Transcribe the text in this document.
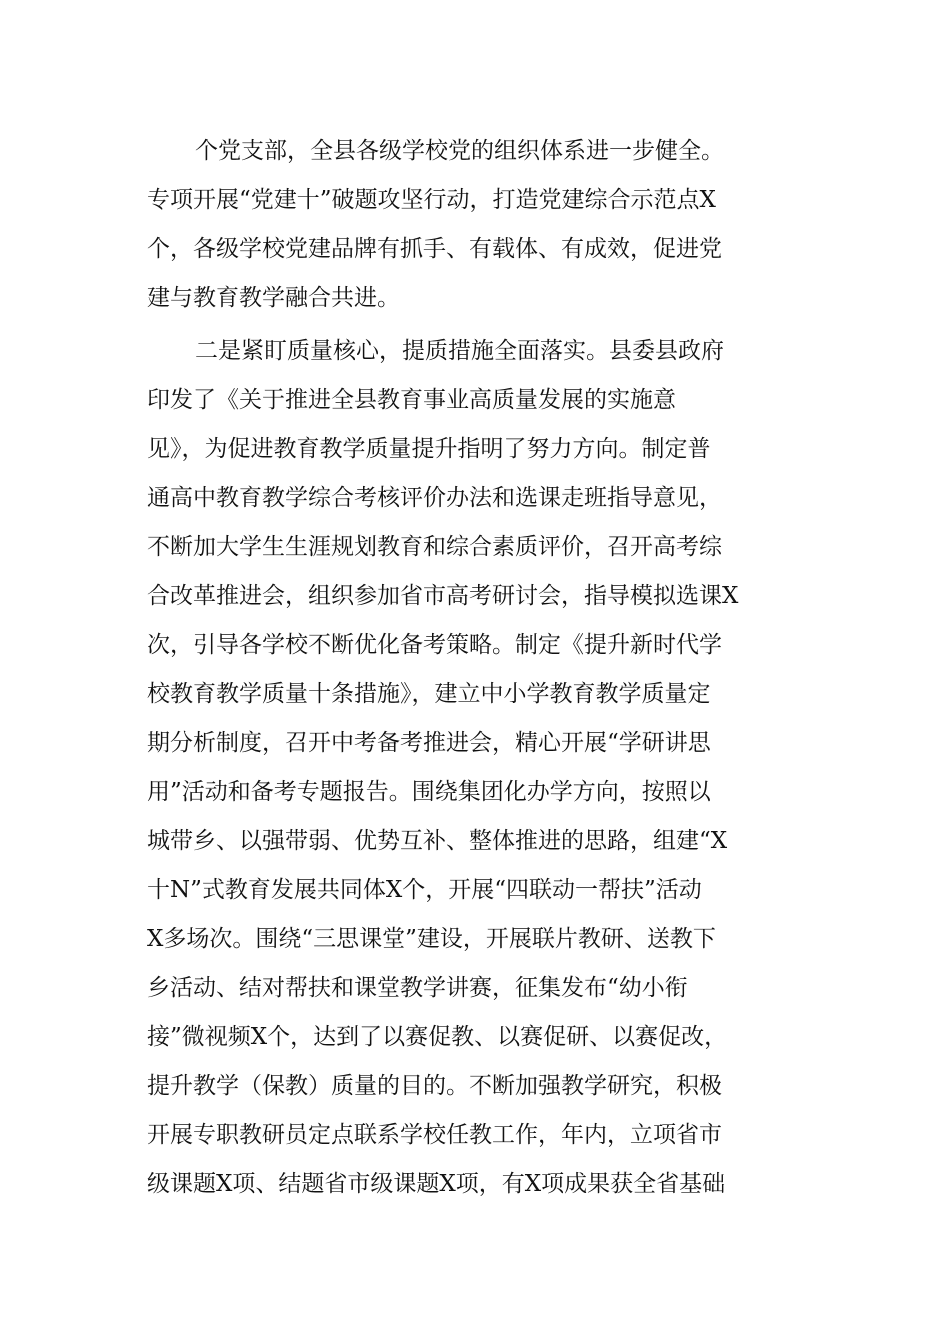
个党支部，全县各级学校党的组织体系进一步健全。
专项开展“党建十”破题攻坚行动，打造党建综合示范点X
个，各级学校党建品牌有抓手、有载体、有成效，促进党
建与教育教学融合共进。
二是紧盯质量核心，提质措施全面落实。县委县政府
印发了《关于推进全县教育事业高质量发展的实施意
见》，为促进教育教学质量提升指明了努力方向。制定普
通高中教育教学综合考核评价办法和选课走班指导意见，
不断加大学生生涯规划教育和综合素质评价，召开高考综
合改革推进会，组织参加省市高考研讨会，指导模拟选课X
次，引导各学校不断优化备考策略。制定《提升新时代学
校教育教学质量十条措施》，建立中小学教育教学质量定
期分析制度，召开中考备考推进会，精心开展“学研讲思
用”活动和备考专题报告。围绕集团化办学方向，按照以
城带乡、以强带弱、优势互补、整体推进的思路，组建“X
十N”式教育发展共同体X个，开展“四联动一帮扶”活动
X多场次。围绕“三思课堂”建设，开展联片教研、送教下
乡活动、结对帮扶和课堂教学讲赛，征集发布“幼小衔
接”微视频X个，达到了以赛促教、以赛促研、以赛促改，
提升教学（保教）质量的目的。不断加强教学研究，积极
开展专职教研员定点联系学校任教工作，年内，立项省市
级课题X项、结题省市级课题X项，有X项成果获全省基础
